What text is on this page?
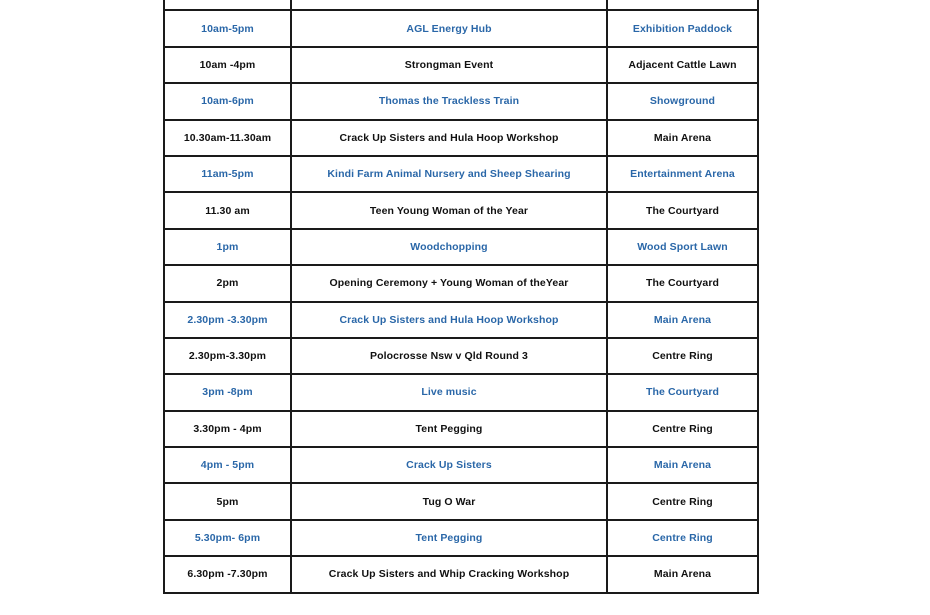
10am-5pm	AGL Energy Hub	Exhibition Paddock
10am -4pm	Strongman Event	Adjacent Cattle Lawn
10am-6pm	Thomas the Trackless Train	Showground
10.30am-11.30am	Crack Up Sisters and Hula Hoop Workshop	Main Arena
11am-5pm	Kindi Farm Animal Nursery and Sheep Shearing	Entertainment Arena
11.30 am	Teen Young Woman of the Year	The Courtyard
1pm	Woodchopping	Wood Sport Lawn
2pm	Opening Ceremony + Young Woman of theYear	The Courtyard
2.30pm -3.30pm	Crack Up Sisters and Hula Hoop Workshop	Main Arena
2.30pm-3.30pm	Polocrosse Nsw v Qld Round 3	Centre Ring
3pm -8pm	Live music	The Courtyard
3.30pm - 4pm	Tent Pegging	Centre Ring
4pm - 5pm	Crack Up Sisters	Main Arena
5pm	Tug O War	Centre Ring
5.30pm- 6pm	Tent Pegging	Centre Ring
6.30pm -7.30pm	Crack Up Sisters and Whip Cracking Workshop	Main Arena
